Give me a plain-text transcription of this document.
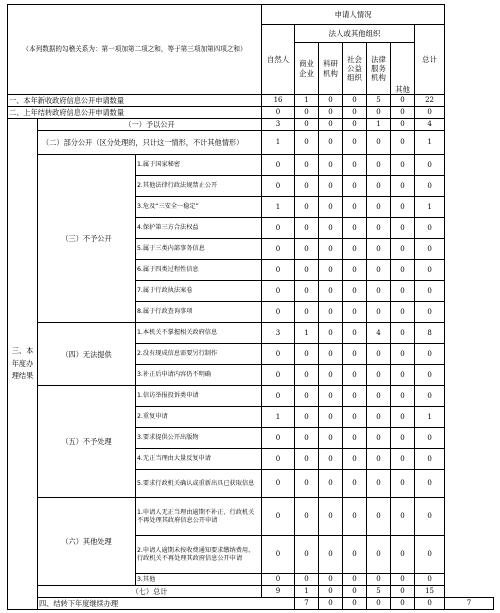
（本列数据的勾稽关系为：第一项加第二项之和，等于第三项加第四项之和）			申请人情况							
			自然人	法人或其他组织					总计	
				商业企业	科研机构	社会公益组织	法律服务机构	其他		
一、本年新收政府信息公开申请数量			16	1	0	0	5	0	22	
二、上年结转政府信息公开申请数量			0	0	0	0	0	0	0	
三、本年度办理结果	（一）予以公开		3	0	0	0	1	0	4	
	（二）部分公开（区分处理的，只计这一情形，不计其他情形）		1	0	0	0	0	0	1	
	（三）不予公开	1.属于国家秘密	0	0	0	0	0	0	0	
		2.其他法律行政法规禁止公开	0	0	0	0	0	0	0	
		3.危及“三安全一稳定”	1	0	0	0	0	0	1	
		4.保护第三方合法权益	0	0	0	0	0	0	0	
		5.属于三类内部事务信息	0	0	0	0	0	0	0	
		6.属于四类过程性信息	0	0	0	0	0	0	0	
		7.属于行政执法案卷	0	0	0	0	0	0	0	
		8.属于行政查询事项	0	0	0	0	0	0	0	
	（四）无法提供	1.本机关不掌握相关政府信息	3	1	0	0	4	0	8	
		2.没有现成信息需要另行制作	0	0	0	0	0	0	0	
		3.补正后申请内容仍不明确	0	0	0	0	0	0	0	
	（五）不予处理	1.信访举报投诉类申请	0	0	0	0	0	0	0	
		2.重复申请	1	0	0	0	0	0	1	
		3.要求提供公开出版物	0	0	0	0	0	0	0	
		4.无正当理由大量反复申请	0	0	0	0	0	0	0	
		5.要求行政机关确认或重新出具已获取信息	0	0	0	0	0	0	0	
	（六）其他处理	1.申请人无正当理由逾期不补正、行政机关不再处理其政府信息公开申请	0	0	0	0	0	0	0	
		2.申请人逾期未按收费通知要求缴纳费用、行政机关不再处理其政府信息公开申请	0	0	0	0	0	0	0	
		3.其他	0	0	0	0	0	0	0	
	（七）总计		9	1	0	0	5	0	15	
	四、结转下年度继续办理			7	0	0	0	0	0	7
